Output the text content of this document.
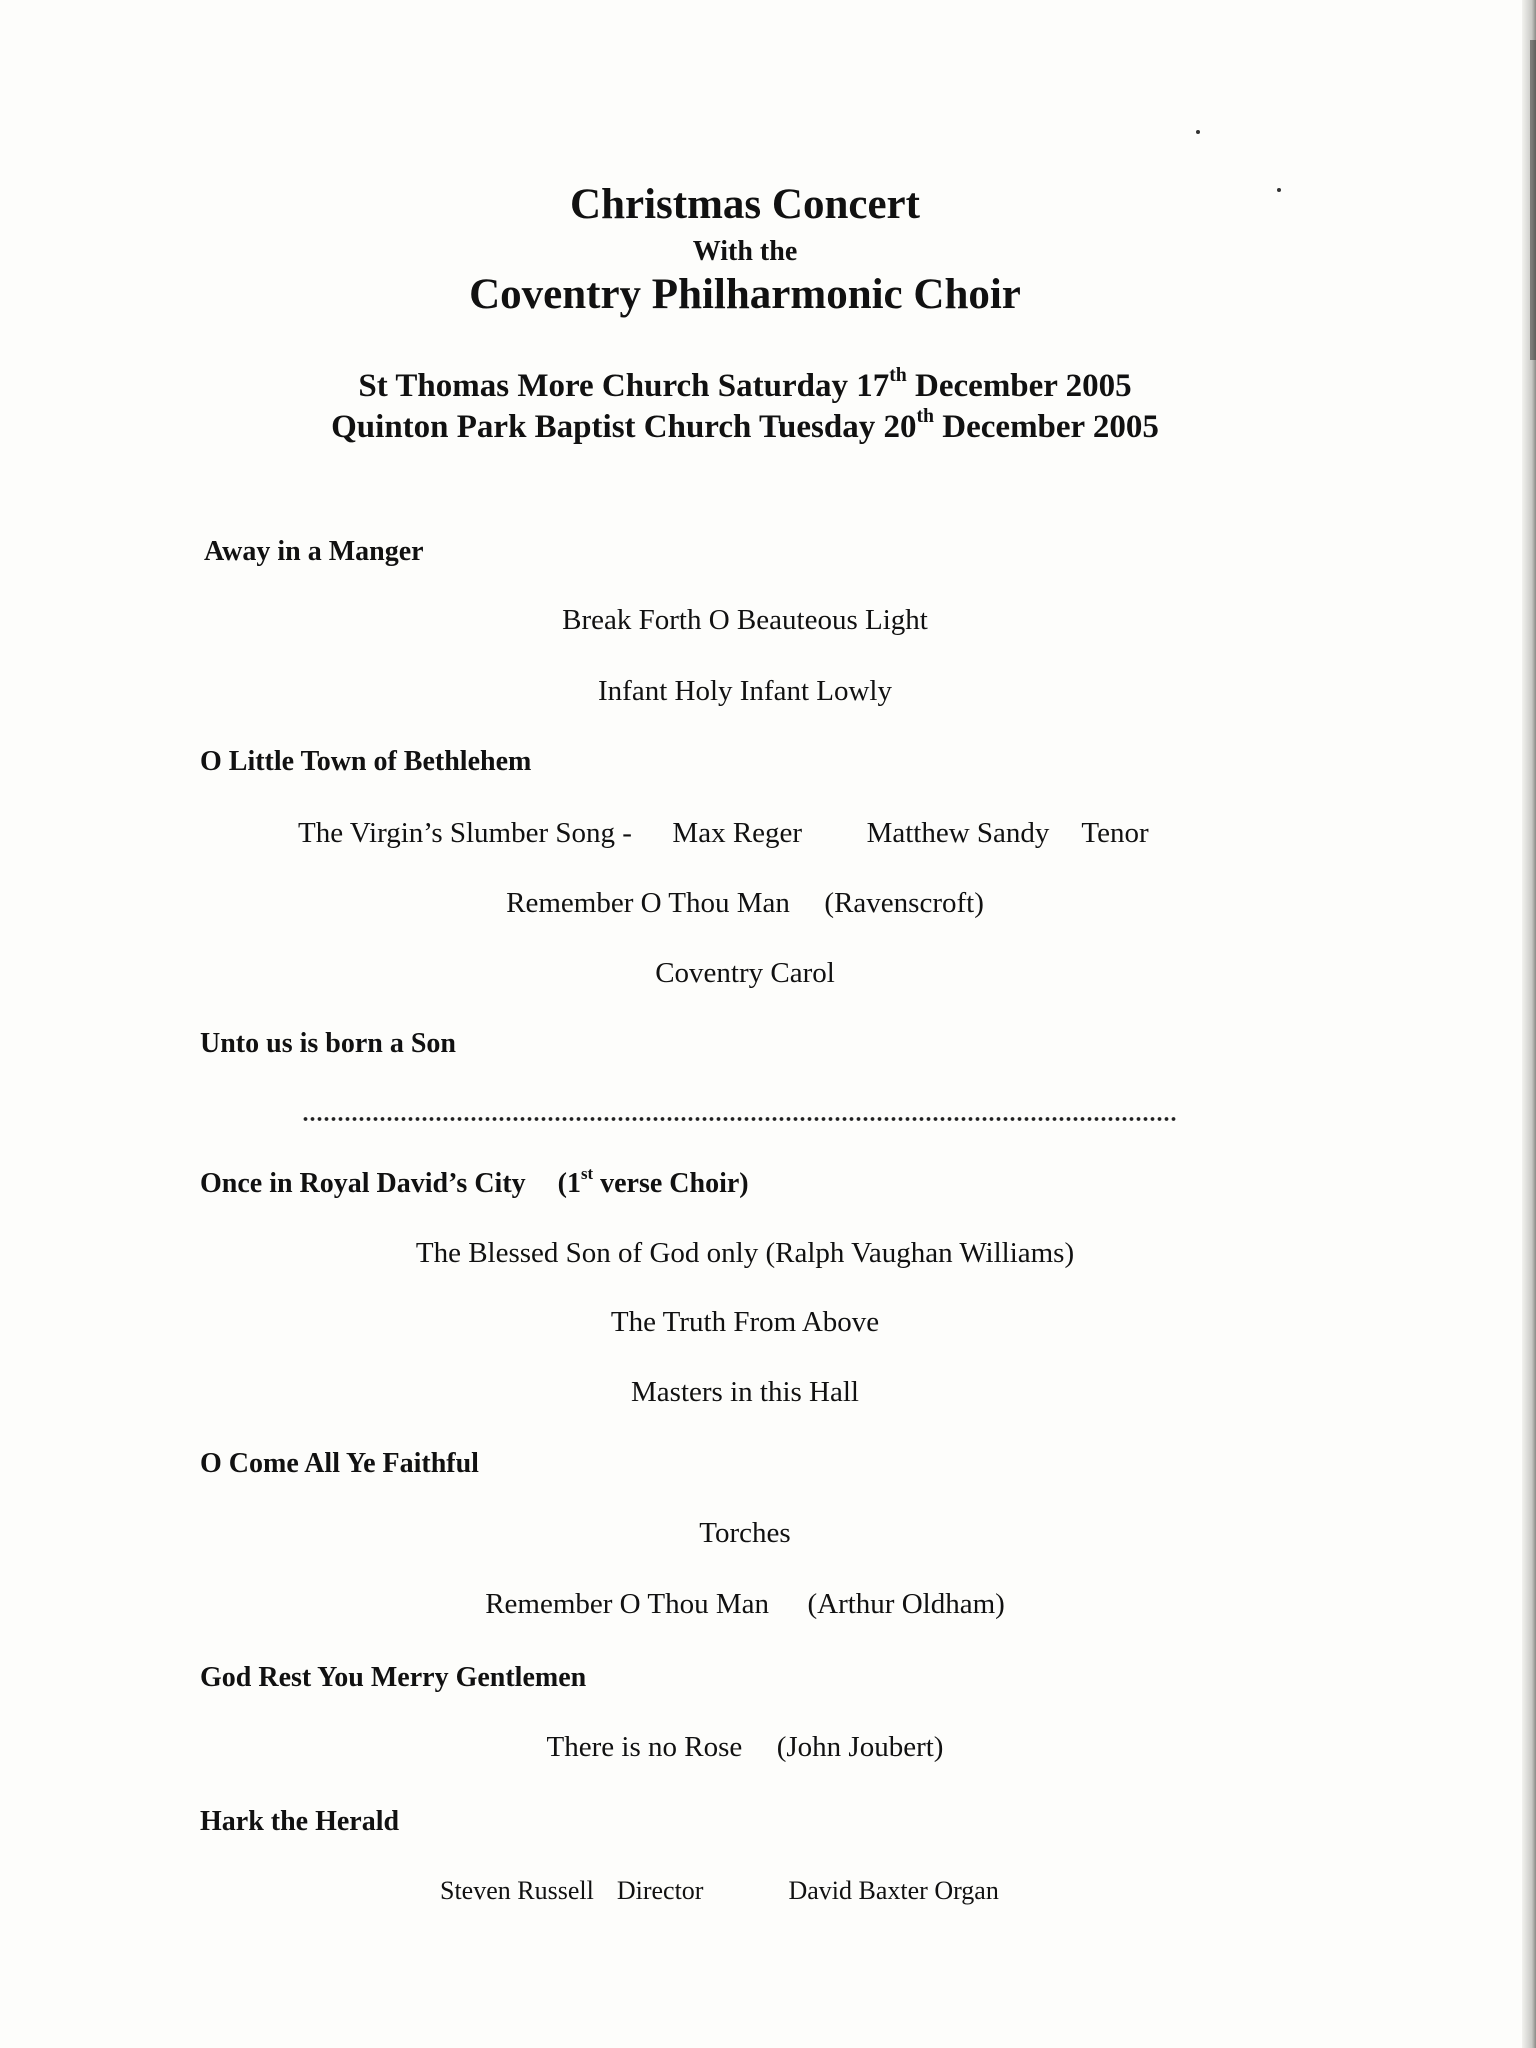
Christmas Concert
With the
Coventry Philharmonic Choir
St Thomas More Church Saturday 17th December 2005
Quinton Park Baptist Church Tuesday 20th December 2005
Away in a Manger
Break Forth O Beauteous Light
Infant Holy Infant Lowly
O Little Town of Bethlehem
The Virgin’s Slumber Song - Max Reger Matthew Sandy Tenor
Remember O Thou Man (Ravenscroft)
Coventry Carol
Unto us is born a Son
Once in Royal David’s City (1st verse Choir)
The Blessed Son of God only (Ralph Vaughan Williams)
The Truth From Above
Masters in this Hall
O Come All Ye Faithful
Torches
Remember O Thou Man (Arthur Oldham)
God Rest You Merry Gentlemen
There is no Rose (John Joubert)
Hark the Herald
Steven Russell Director	David Baxter Organ
